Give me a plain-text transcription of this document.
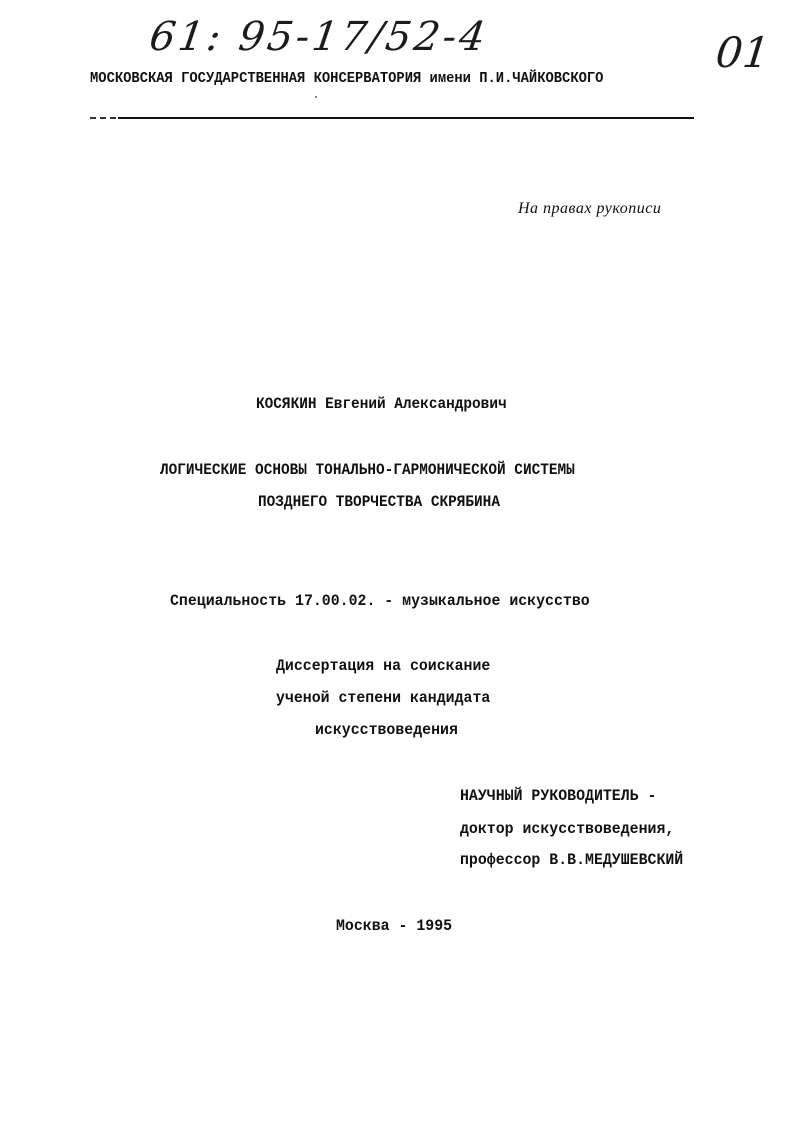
61: 95-17/52-4	01
МОСКОВСКАЯ ГОСУДАРСТВЕННАЯ КОНСЕРВАТОРИЯ имени П.И.ЧАЙКОВСКОГО
На правах рукописи
КОСЯКИН Евгений Александрович
ЛОГИЧЕСКИЕ ОСНОВЫ ТОНАЛЬНО-ГАРМОНИЧЕСКОЙ СИСТЕМЫ
ПОЗДНЕГО ТВОРЧЕСТВА СКРЯБИНА
Специальность 17.00.02. - музыкальное искусство
Диссертация на соискание
ученой степени кандидата
искусствоведения
НАУЧНЫЙ РУКОВОДИТЕЛЬ -
доктор искусствоведения,
профессор В.В.МЕДУШЕВСКИЙ
Москва - 1995
